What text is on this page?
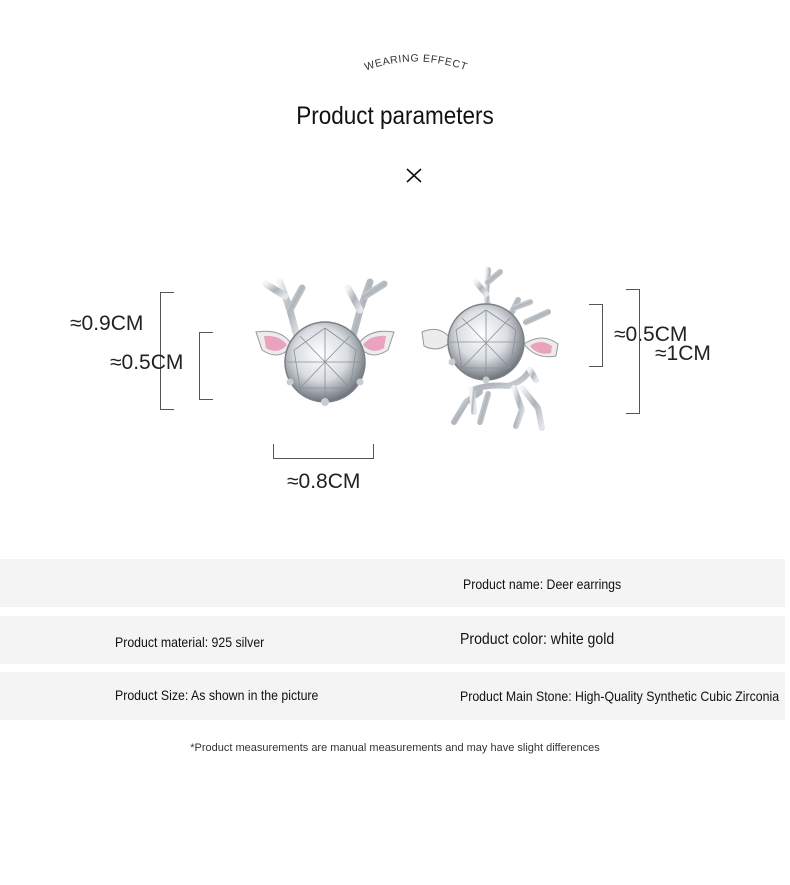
WEARING EFFECT
Product parameters
≈0.9CM
≈0.5CM
≈0.8CM
≈0.5CM
≈1CM
Product name: Deer earrings
Product material: 925 silver	Product color: white gold
Product Size: As shown in the picture	Product Main Stone: High-Quality Synthetic Cubic Zirconia
*Product measurements are manual measurements and may have slight differences
